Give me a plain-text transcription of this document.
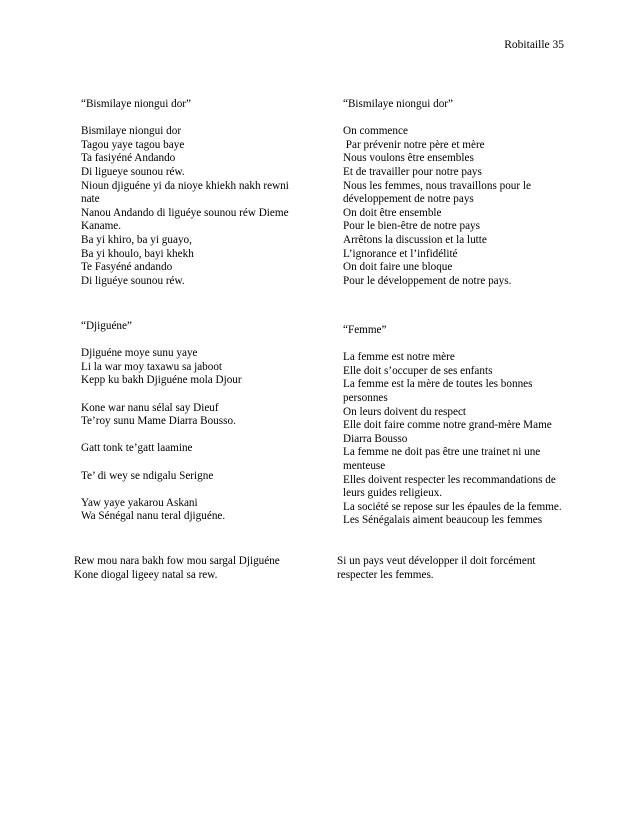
Robitaille 35
“Bismilaye niongui dor”
Bismilaye niongui dor
Tagou yaye tagou baye
Ta fasiyéné Andando
Di ligueye sounou réw.
Nioun djiguéne yi da nioye khiekh nakh rewni
nate
Nanou Andando di liguéye sounou réw Dieme
Kaname.
Ba yi khiro, ba yi guayo,
Ba yi khoulo, bayi khekh
Te Fasyéné andando
Di liguéye sounou réw.
“Bismilaye niongui dor”
On commence
Par prévenir notre père et mère
Nous voulons être ensembles
Et de travailler pour notre pays
Nous les femmes, nous travaillons pour le
développement de notre pays
On doit être ensemble
Pour le bien-être de notre pays
Arrêtons la discussion et la lutte
L’ignorance et l’infidélité
On doit faire une bloque
Pour le développement de notre pays.
“Djiguéne”
Djiguéne moye sunu yaye
Li la war moy taxawu sa jaboot
Kepp ku bakh Djiguéne mola Djour

Kone war nanu sélal say Dieuf
Te’roy sunu Mame Diarra Bousso.

Gatt tonk te’gatt laamine

Te’ di wey se ndigalu Serigne

Yaw yaye yakarou Askani
Wa Sénégal nanu teral djiguéne.
“Femme”
La femme est notre mère
Elle doit s’occuper de ses enfants
La femme est la mère de toutes les bonnes
personnes
On leurs doivent du respect
Elle doit faire comme notre grand-mère Mame
Diarra Bousso
La femme ne doit pas être une trainet ni une
menteuse
Elles doivent respecter les recommandations de
leurs guides religieux.
La société se repose sur les épaules de la femme.
Les Sénégalais aiment beaucoup les femmes
Rew mou nara bakh fow mou sargal Djiguéne
Kone diogal ligeey natal sa rew.
Si un pays veut développer il doit forcément
respecter les femmes.
